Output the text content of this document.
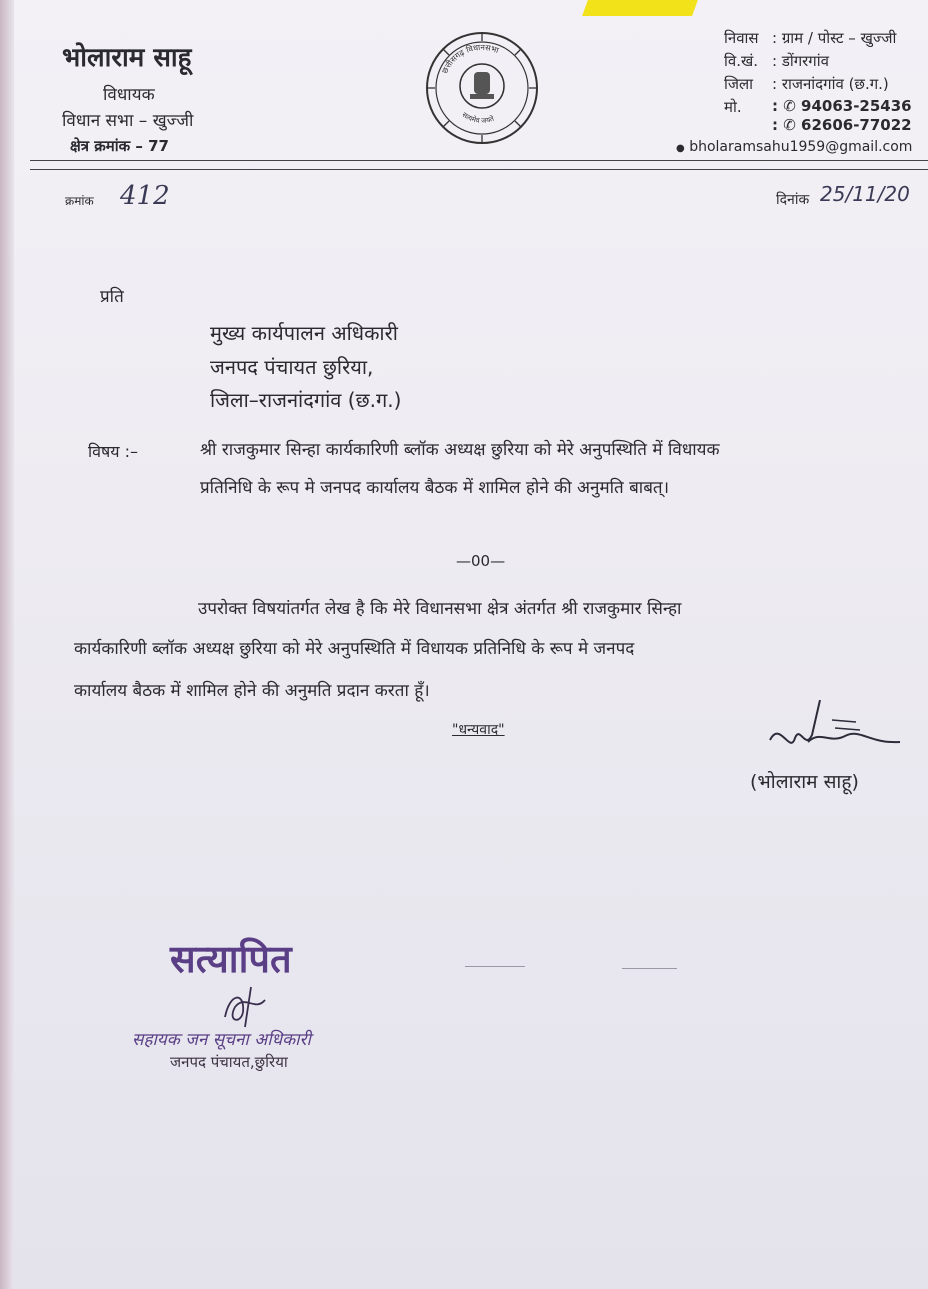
भोलाराम साहू
विधायक
विधान सभा – खुज्जी
क्षेत्र क्रमांक – 77
छत्तीसगढ़ विधानसभा
सत्यमेव जयते
निवास : ग्राम / पोस्ट – खुज्जी
वि.खं. : डोंगरगांव
जिला : राजनांदगांव (छ.ग.)
मो. : ✆ 94063-25436
: ✆ 62606-77022
● bholaramsahu1959@gmail.com
क्रमांक 412	दिनांक 25/11/20
प्रति
मुख्य कार्यपालन अधिकारी
जनपद पंचायत छुरिया,
जिला–राजनांदगांव (छ.ग.)
विषय :–	श्री राजकुमार सिन्हा कार्यकारिणी ब्लॉक अध्यक्ष छुरिया को मेरे अनुपस्थिति में विधायक
प्रतिनिधि के रूप मे जनपद कार्यालय बैठक में शामिल होने की अनुमति बाबत्।
—00—
उपरोक्त विषयांतर्गत लेख है कि मेरे विधानसभा क्षेत्र अंतर्गत श्री राजकुमार सिन्हा
कार्यकारिणी ब्लॉक अध्यक्ष छुरिया को मेरे अनुपस्थिति में विधायक प्रतिनिधि के रूप मे जनपद
कार्यालय बैठक में शामिल होने की अनुमति प्रदान करता हूँ।
"धन्यवाद"
(भोलाराम साहू)
सत्यापित
सहायक जन सूचना अधिकारी
जनपद पंचायत,छुरिया
